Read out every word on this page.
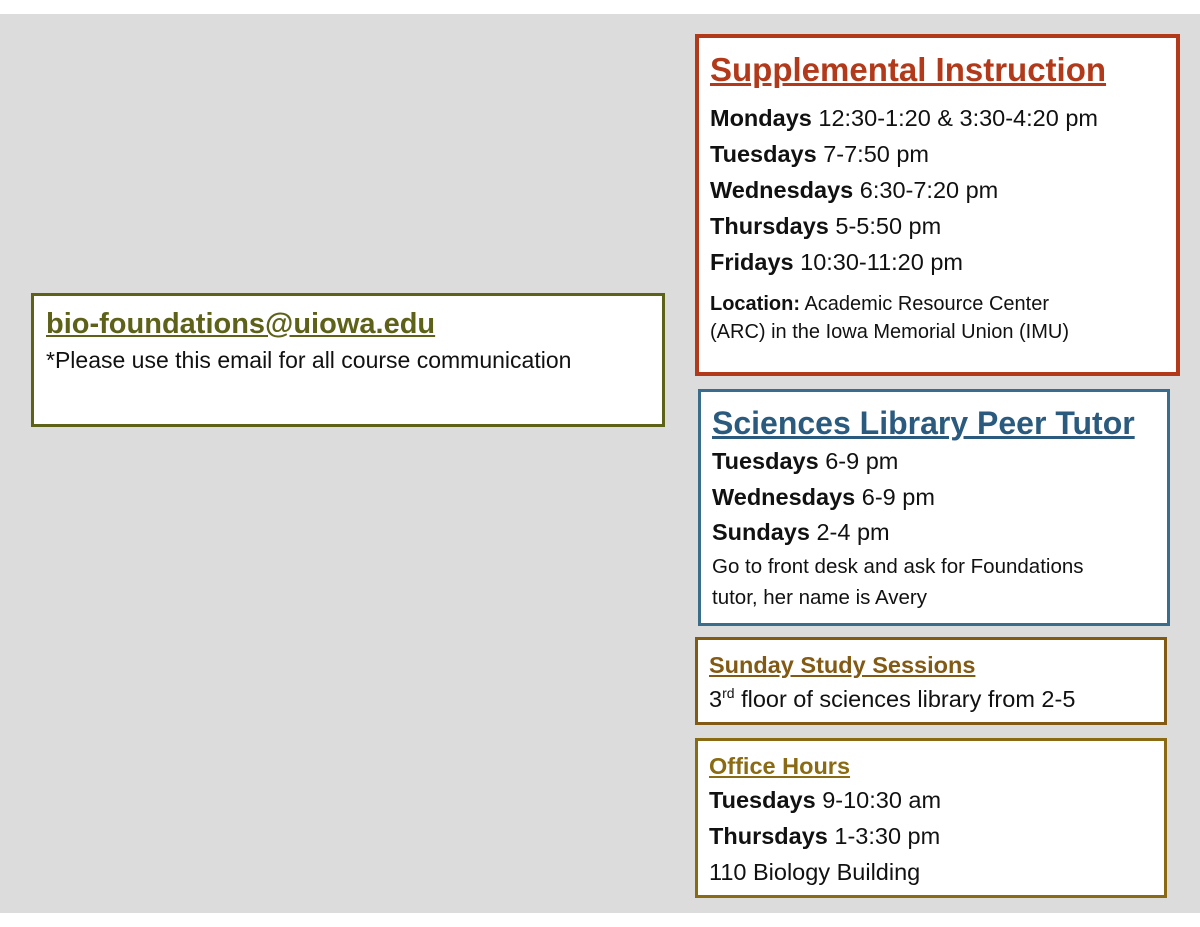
bio-foundations@uiowa.edu
*Please use this email for all course communication
Supplemental Instruction
Mondays 12:30-1:20 & 3:30-4:20 pm
Tuesdays 7-7:50 pm
Wednesdays 6:30-7:20 pm
Thursdays 5-5:50 pm
Fridays 10:30-11:20 pm
Location: Academic Resource Center
(ARC) in the Iowa Memorial Union (IMU)
Sciences Library Peer Tutor
Tuesdays 6-9 pm
Wednesdays 6-9 pm
Sundays 2-4 pm
Go to front desk and ask for Foundations
tutor, her name is Avery
Sunday Study Sessions
3rd floor of sciences library from 2-5
Office Hours
Tuesdays 9-10:30 am
Thursdays 1-3:30 pm
110 Biology Building
